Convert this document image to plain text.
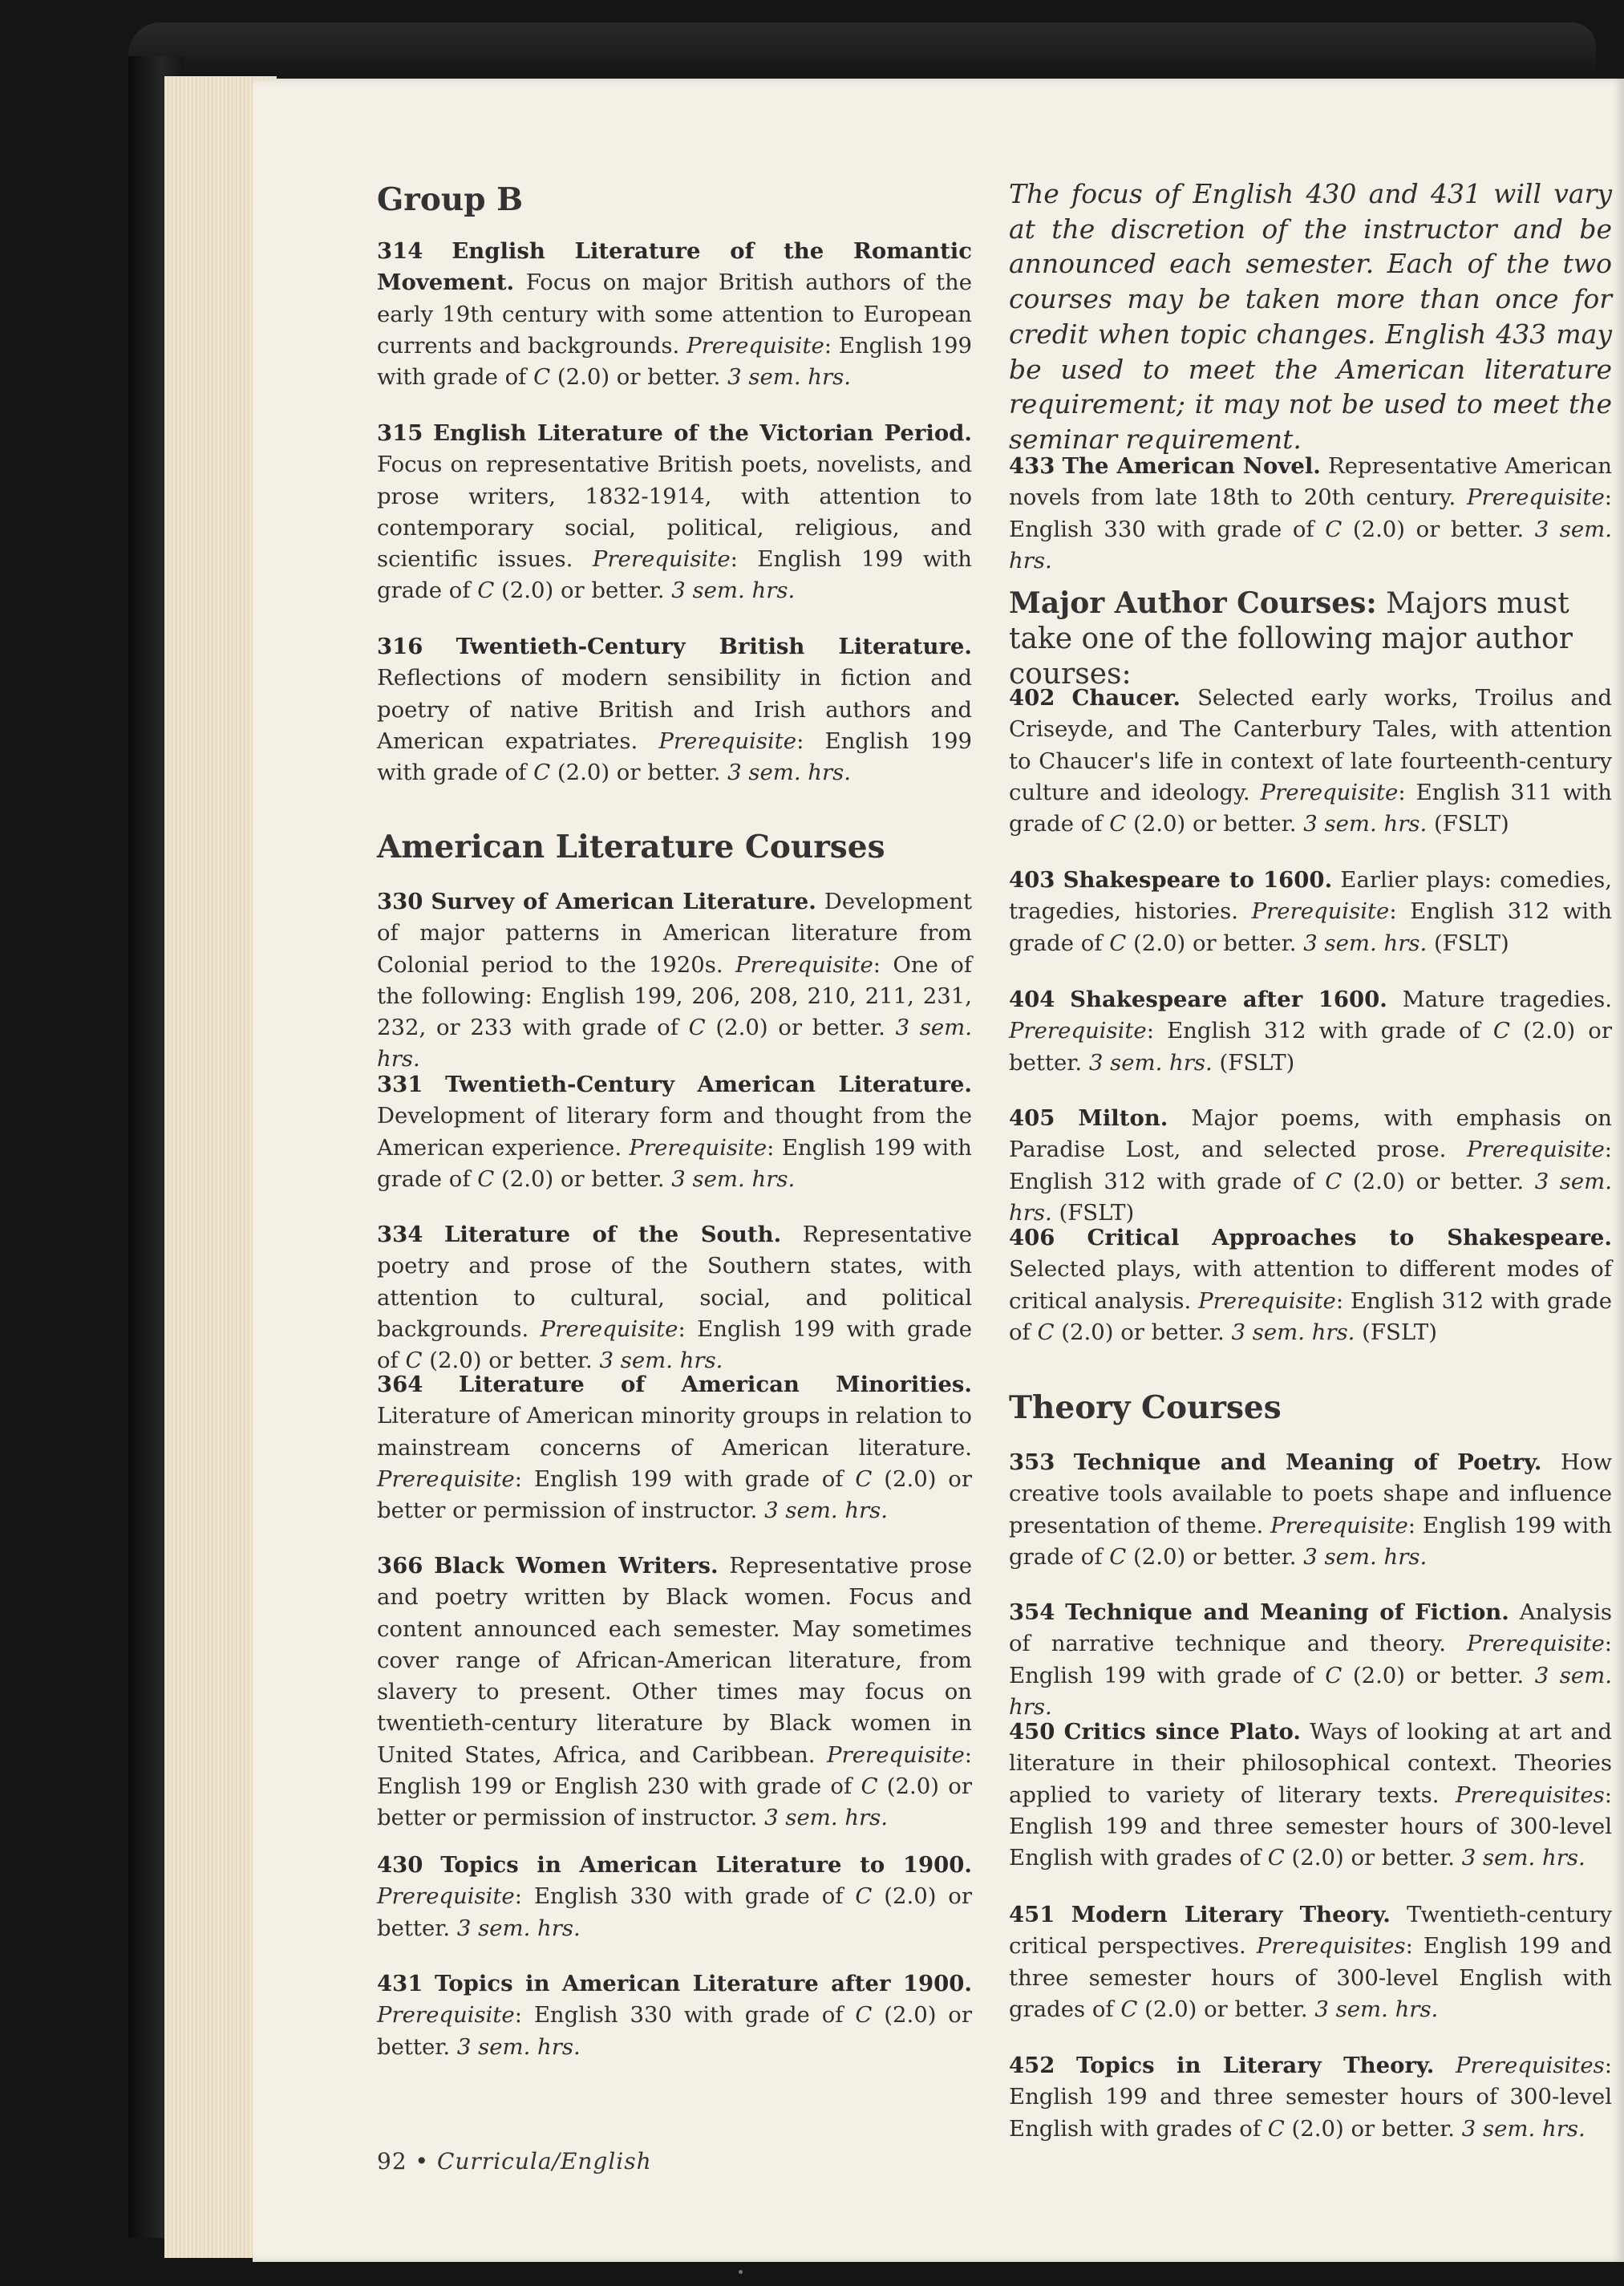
Group B
314 English Literature of the Romantic Movement. Focus on major British authors of the early 19th century with some attention to European currents and backgrounds. Prerequisite: English 199 with grade of C (2.0) or better. 3 sem. hrs.
315 English Literature of the Victorian Period. Focus on representative British poets, novelists, and prose writers, 1832-1914, with attention to contemporary social, political, religious, and scientific issues. Prerequisite: English 199 with grade of C (2.0) or better. 3 sem. hrs.
316 Twentieth-Century British Literature. Reflections of modern sensibility in fiction and poetry of native British and Irish authors and American expatriates. Prerequisite: English 199 with grade of C (2.0) or better. 3 sem. hrs.
American Literature Courses
330 Survey of American Literature. Development of major patterns in American literature from Colonial period to the 1920s. Prerequisite: One of the following: English 199, 206, 208, 210, 211, 231, 232, or 233 with grade of C (2.0) or better. 3 sem. hrs.
331 Twentieth-Century American Literature. Development of literary form and thought from the American experience. Prerequisite: English 199 with grade of C (2.0) or better. 3 sem. hrs.
334 Literature of the South. Representative poetry and prose of the Southern states, with attention to cultural, social, and political backgrounds. Prerequisite: English 199 with grade of C (2.0) or better. 3 sem. hrs.
364 Literature of American Minorities. Literature of American minority groups in relation to mainstream concerns of American literature. Prerequisite: English 199 with grade of C (2.0) or better or permission of instructor. 3 sem. hrs.
366 Black Women Writers. Representative prose and poetry written by Black women. Focus and content announced each semester. May sometimes cover range of African-American literature, from slavery to present. Other times may focus on twentieth-century literature by Black women in United States, Africa, and Caribbean. Prerequisite: English 199 or English 230 with grade of C (2.0) or better or permission of instructor. 3 sem. hrs.
430 Topics in American Literature to 1900. Prerequisite: English 330 with grade of C (2.0) or better. 3 sem. hrs.
431 Topics in American Literature after 1900. Prerequisite: English 330 with grade of C (2.0) or better. 3 sem. hrs.
The focus of English 430 and 431 will vary at the discretion of the instructor and be announced each semester. Each of the two courses may be taken more than once for credit when topic changes. English 433 may be used to meet the American literature requirement; it may not be used to meet the seminar requirement.
433 The American Novel. Representative American novels from late 18th to 20th century. Prerequisite: English 330 with grade of C (2.0) or better. 3 sem. hrs.
Major Author Courses: Majors must take one of the following major author courses:
402 Chaucer. Selected early works, Troilus and Criseyde, and The Canterbury Tales, with attention to Chaucer's life in context of late fourteenth-century culture and ideology. Prerequisite: English 311 with grade of C (2.0) or better. 3 sem. hrs. (FSLT)
403 Shakespeare to 1600. Earlier plays: comedies, tragedies, histories. Prerequisite: English 312 with grade of C (2.0) or better. 3 sem. hrs. (FSLT)
404 Shakespeare after 1600. Mature tragedies. Prerequisite: English 312 with grade of C (2.0) or better. 3 sem. hrs. (FSLT)
405 Milton. Major poems, with emphasis on Paradise Lost, and selected prose. Prerequisite: English 312 with grade of C (2.0) or better. 3 sem. hrs. (FSLT)
406 Critical Approaches to Shakespeare. Selected plays, with attention to different modes of critical analysis. Prerequisite: English 312 with grade of C (2.0) or better. 3 sem. hrs. (FSLT)
Theory Courses
353 Technique and Meaning of Poetry. How creative tools available to poets shape and influence presentation of theme. Prerequisite: English 199 with grade of C (2.0) or better. 3 sem. hrs.
354 Technique and Meaning of Fiction. Analysis of narrative technique and theory. Prerequisite: English 199 with grade of C (2.0) or better. 3 sem. hrs.
450 Critics since Plato. Ways of looking at art and literature in their philosophical context. Theories applied to variety of literary texts. Prerequisites: English 199 and three semester hours of 300-level English with grades of C (2.0) or better. 3 sem. hrs.
451 Modern Literary Theory. Twentieth-century critical perspectives. Prerequisites: English 199 and three semester hours of 300-level English with grades of C (2.0) or better. 3 sem. hrs.
452 Topics in Literary Theory. Prerequisites: English 199 and three semester hours of 300-level English with grades of C (2.0) or better. 3 sem. hrs.
92 • Curricula/English
